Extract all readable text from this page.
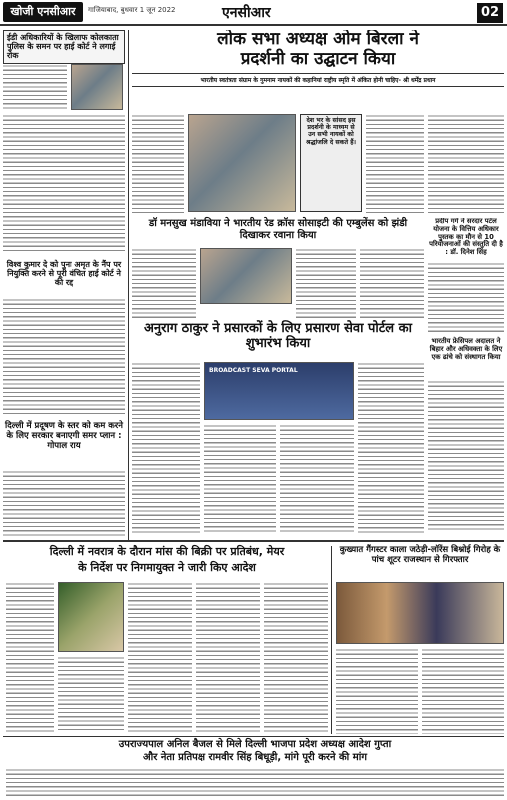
खोजी एनसीआर	गाजियाबाद, बुधवार 1 जून 2022	एनसीआर	02
ईडी अधिकारियों के खिलाफ कोलकाता पुलिस के समन पर हाई कोर्ट ने लगाई रोक
विश्व कुमार दे को पुनः अमृत के नैंप पर नियुक्ति करने से पूरी वंचित हाई कोर्ट ने की रद्द
दिल्ली में प्रदूषण के स्तर को कम करने के लिए सरकार बनाएगी समर प्लान : गोपाल राय
लोक सभा अध्यक्ष ओम बिरला ने
प्रदर्शनी का उद्घाटन किया
भारतीय स्वतंत्रता संग्राम के गुमनाम नायकों की कहानियां राष्ट्रीय स्मृति में अंकित होनी चाहिए- श्री धर्मेंद्र प्रधान
देश भर के सांसद इस प्रदर्शनी के माध्यम से उन सभी नायकों को श्रद्धांजलि दे सकते हैं।
डॉ मनसुख मंडाविया ने भारतीय रेड क्रॉस सोसाइटी की एम्बुलेंस को झंडी दिखाकर रवाना किया
अनुराग ठाकुर ने प्रसारकों के लिए प्रसारण सेवा पोर्टल का शुभारंभ किया
BROADCAST SEVA PORTAL
प्रदीप गर्ग ने सरदार पटेल योजना के वित्तिय अधिकार पुस्तक का मौन से 10 परियोजनाओं की संस्तुति दी है : डॉ. दिनेश सिंह
भारतीय फ्रेसिपल अदालत ने बिहार और अधिवक्ता के लिए एक ढांचे को संस्थागत किया
दिल्ली में नवरात्र के दौरान मांस की बिक्री पर प्रतिबंध, मेयर
के निर्देश पर निगमायुक्त ने जारी किए आदेश
कुख्यात गैंगस्टर काला जठेड़ी-लॉरेंस बिश्नोई गिरोह के पांच शूटर राजस्थान से गिरफ्तार
उपराज्यपाल अनिल बैजल से मिले दिल्ली भाजपा प्रदेश अध्यक्ष आदेश गुप्ता
और नेता प्रतिपक्ष रामवीर सिंह बिधूड़ी, मांगे पूरी करने की मांग
